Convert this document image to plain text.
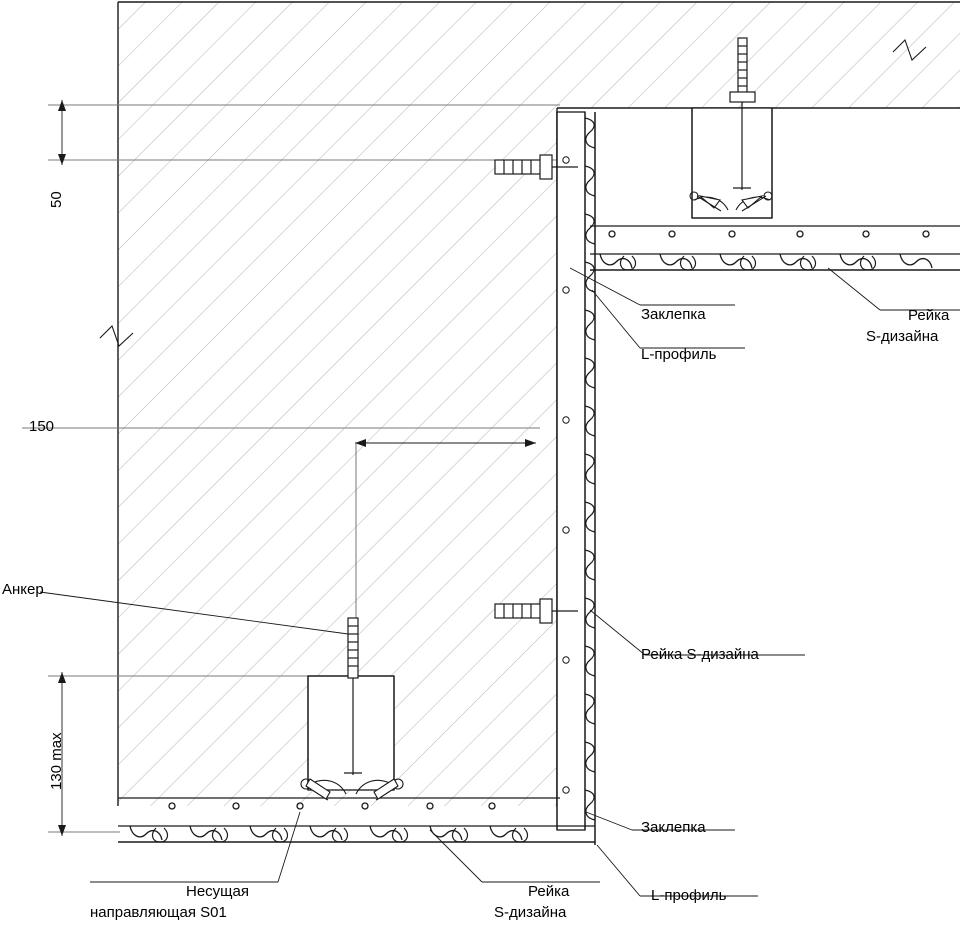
50
150
130 max
Заклепка
L-профиль
Рейка
S-дизайна
Анкер
Рейка S-дизайна
Заклепка
L-профиль
Несущая
направляющая S01
Рейка
S-дизайна
